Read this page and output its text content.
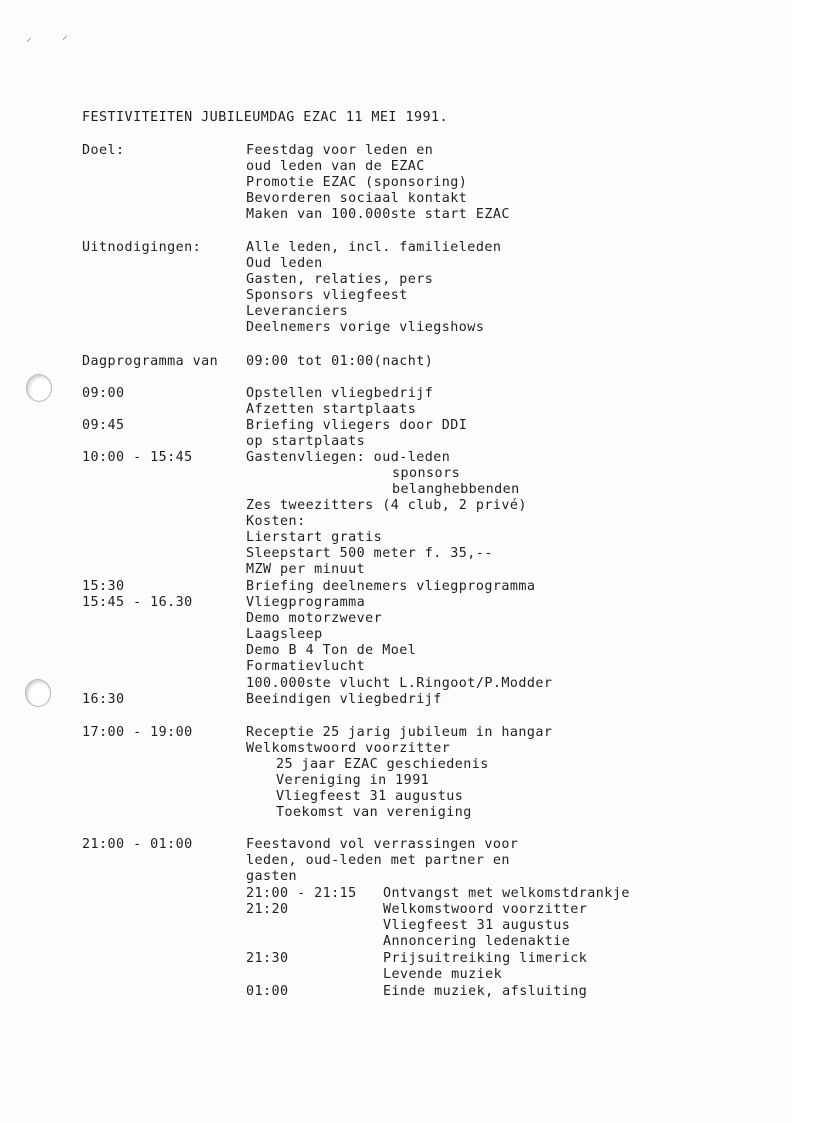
⸝ ⸝
FESTIVITEITEN JUBILEUMDAG EZAC 11 MEI 1991.
Doel:	Feestdag voor leden en
oud leden van de EZAC
Promotie EZAC (sponsoring)
Bevorderen sociaal kontakt
Maken van 100.000ste start EZAC
Uitnodigingen:	Alle leden, incl. familieleden
Oud leden
Gasten, relaties, pers
Sponsors vliegfeest
Leveranciers
Deelnemers vorige vliegshows
Dagprogramma van 09:00 tot 01:00(nacht)
09:00	Opstellen vliegbedrijf
Afzetten startplaats
09:45	Briefing vliegers door DDI
op startplaats
10:00 - 15:45	Gastenvliegen: oud-leden
sponsors
belanghebbenden
Zes tweezitters (4 club, 2 privé)
Kosten:
Lierstart gratis
Sleepstart 500 meter f. 35,--
MZW per minuut
15:30	Briefing deelnemers vliegprogramma
15:45 - 16.30	Vliegprogramma
Demo motorzwever
Laagsleep
Demo B 4 Ton de Moel
Formatievlucht
100.000ste vlucht L.Ringoot/P.Modder
16:30	Beeindigen vliegbedrijf
17:00 - 19:00	Receptie 25 jarig jubileum in hangar
Welkomstwoord voorzitter
25 jaar EZAC geschiedenis
Vereniging in 1991
Vliegfeest 31 augustus
Toekomst van vereniging
21:00 - 01:00	Feestavond vol verrassingen voor
leden, oud-leden met partner en
gasten
21:00 - 21:15 Ontvangst met welkomstdrankje
21:20	Welkomstwoord voorzitter
Vliegfeest 31 augustus
Annoncering ledenaktie
21:30	Prijsuitreiking limerick
Levende muziek
01:00	Einde muziek, afsluiting
